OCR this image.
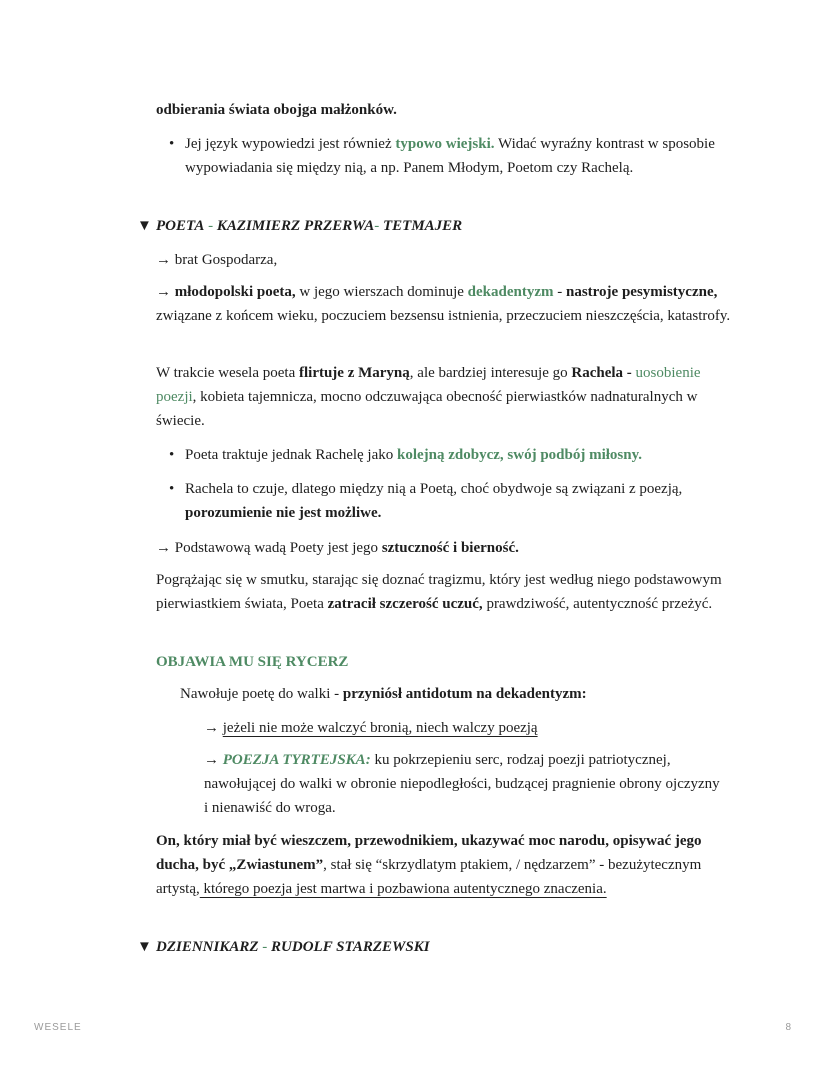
odbierania świata obojga małżonków.

• Jej język wypowiedzi jest również typowo wiejski. Widać wyraźny kontrast w sposobie wypowiadania się między nią, a np. Panem Młodym, Poetom czy Rachelą.

▼ POETA - KAZIMIERZ PRZERWA- TETMAJER

→ brat Gospodarza,

→ młodopolski poeta, w jego wierszach dominuje dekadentyzm - nastroje pesymistyczne, związane z końcem wieku, poczuciem bezsensu istnienia, przeczuciem nieszczęścia, katastrofy.

W trakcie wesela poeta flirtuje z Maryną, ale bardziej interesuje go Rachela - uosobienie poezji, kobieta tajemnicza, mocno odczuwająca obecność pierwiastków nadnaturalnych w świecie.

• Poeta traktuje jednak Rachelę jako kolejną zdobycz, swój podbój miłosny.
• Rachela to czuje, dlatego między nią a Poetą, choć obydwoje są związani z poezją, porozumienie nie jest możliwe.

→ Podstawową wadą Poety jest jego sztuczność i bierność.

Pogrążając się w smutku, starając się doznać tragizmu, który jest według niego podstawowym pierwiastkiem świata, Poeta zatracił szczerość uczuć, prawdziwość, autentyczność przeżyć.

OBJAWIA MU SIĘ RYCERZ

Nawołuje poetę do walki - przyniósł antidotum na dekadentyzm:

→ jeżeli nie może walczyć bronią, niech walczy poezją

→ POEZJA TYRTEJSKA: ku pokrzepieniu serc, rodzaj poezji patriotycznej, nawołującej do walki w obronie niepodległości, budzącej pragnienie obrony ojczyzny i nienawiść do wroga.

On, który miał być wieszczem, przewodnikiem, ukazywać moc narodu, opisywać jego ducha, być „Zwiastunem”, stał się “skrzydlatym ptakiem, / nędzarzem” - bezużytecznym artystą, którego poezja jest martwa i pozbawiona autentycznego znaczenia.

▼ DZIENNIKARZ - RUDOLF STARZEWSKI

WESELE	8
